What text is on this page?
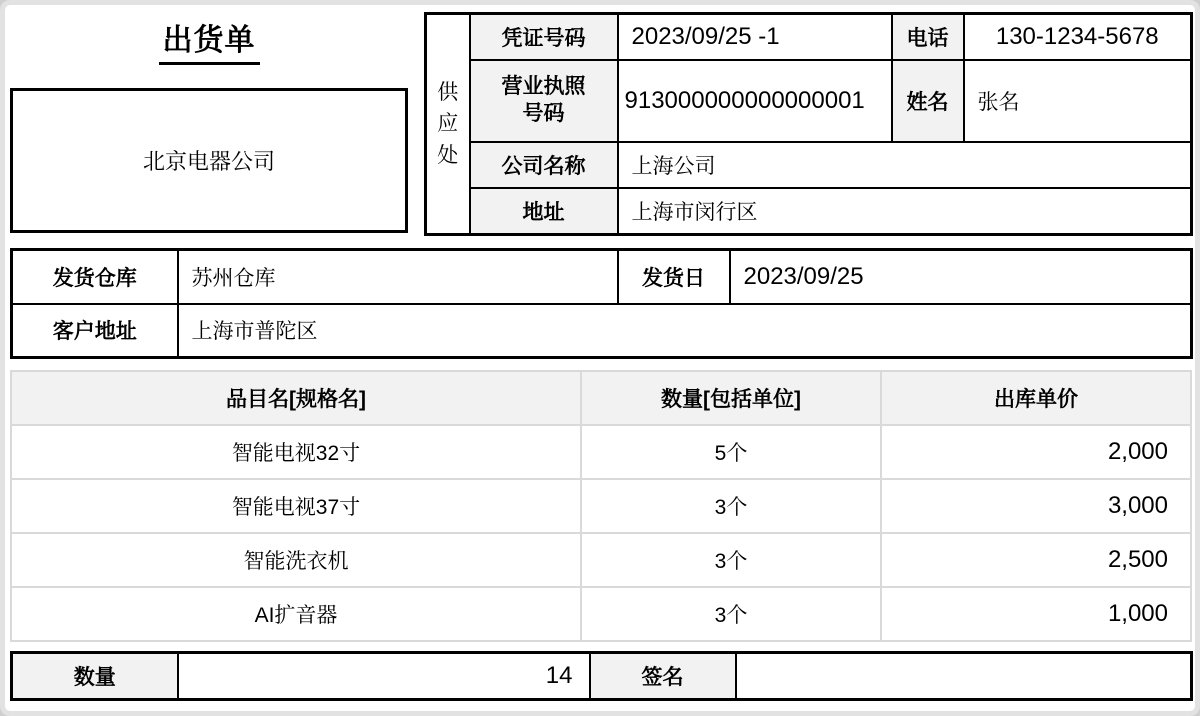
出货单
北京电器公司
供应处	凭证号码	2023/09/25 -1	电话	130-1234-5678
	营业执照号码	913000000000000001	姓名	张名
	公司名称	上海公司		
	地址	上海市闵行区		
发货仓库	苏州仓库	发货日	2023/09/25
客户地址	上海市普陀区		
品目名[规格名]	数量[包括单位]	出库单价
智能电视32寸	5个	2,000
智能电视37寸	3个	3,000
智能洗衣机	3个	2,500
AI扩音器	3个	1,000
数量	14	签名	
